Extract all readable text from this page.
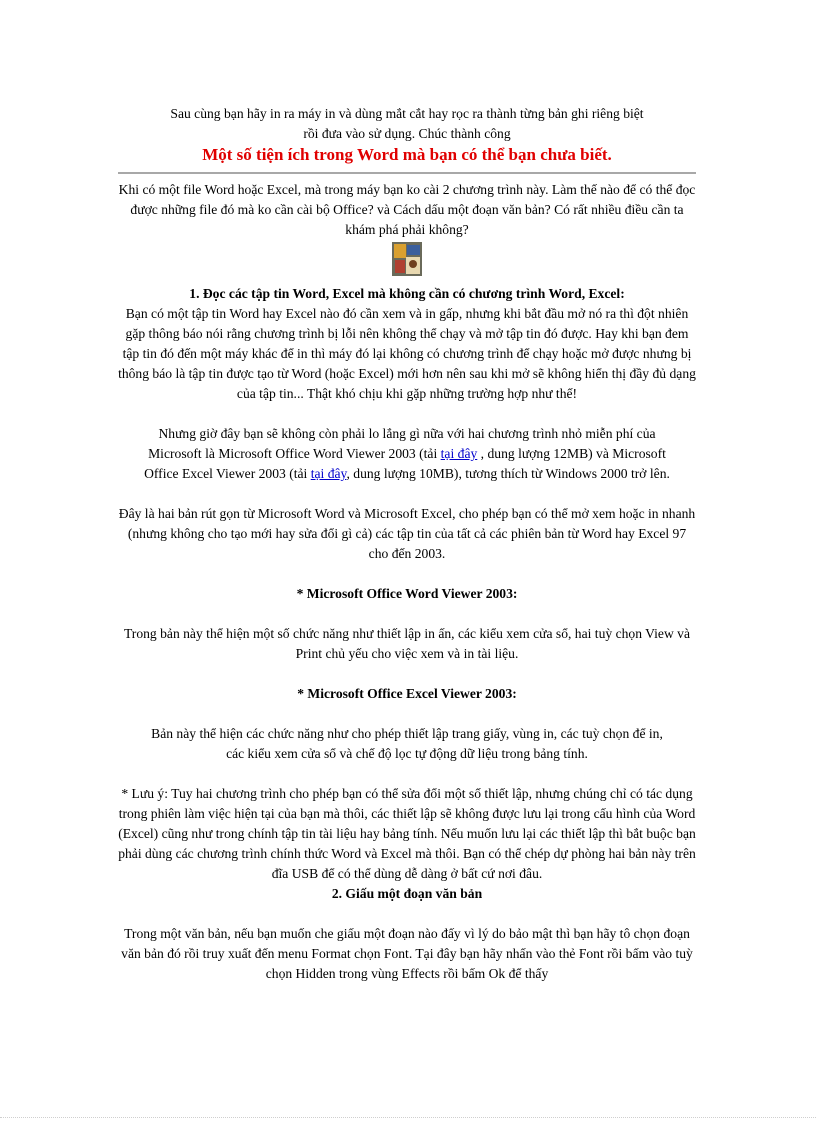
Sau cùng bạn hãy in ra máy in và dùng mắt cắt hay rọc ra thành từng bản ghi riêng biệt

rồi đưa vào sử dụng. Chúc thành công

Một số tiện ích trong Word mà bạn có thể bạn chưa biết.

Khi có một file Word hoặc Excel, mà trong máy bạn ko cài 2 chương trình này. Làm thế nào để có thể đọc được những file đó mà ko cần cài bộ Office? và Cách dấu một đoạn văn bản? Có rất nhiều điều cần ta khám phá phải không?

1. Đọc các tập tin Word, Excel mà không cần có chương trình Word, Excel:

Bạn có một tập tin Word hay Excel nào đó cần xem và in gấp, nhưng khi bắt đầu mở nó ra thì đột nhiên gặp thông báo nói rằng chương trình bị lỗi nên không thể chạy và mở tập tin đó được. Hay khi bạn đem tập tin đó đến một máy khác để in thì máy đó lại không có chương trình để chạy hoặc mở được nhưng bị thông báo là tập tin được tạo từ Word (hoặc Excel) mới hơn nên sau khi mở sẽ không hiển thị đầy đủ dạng của tập tin... Thật khó chịu khi gặp những trường hợp như thế!

Nhưng giờ đây bạn sẽ không còn phải lo lắng gì nữa với hai chương trình nhỏ miễn phí của Microsoft là Microsoft Office Word Viewer 2003 (tải tại đây , dung lượng 12MB) và Microsoft Office Excel Viewer 2003 (tải tại đây, dung lượng 10MB), tương thích từ Windows 2000 trở lên.

Đây là hai bản rút gọn từ Microsoft Word và Microsoft Excel, cho phép bạn có thể mở xem hoặc in nhanh (nhưng không cho tạo mới hay sửa đổi gì cả) các tập tin của tất cả các phiên bản từ Word hay Excel 97 cho đến 2003.

* Microsoft Office Word Viewer 2003:

Trong bản này thể hiện một số chức năng như thiết lập in ấn, các kiểu xem cửa sổ, hai tuỳ chọn View và Print chủ yếu cho việc xem và in tài liệu.

* Microsoft Office Excel Viewer 2003:

Bản này thể hiện các chức năng như cho phép thiết lập trang giấy, vùng in, các tuỳ chọn để in, các kiểu xem cửa sổ và chế độ lọc tự động dữ liệu trong bảng tính.

* Lưu ý: Tuy hai chương trình cho phép bạn có thể sửa đổi một số thiết lập, nhưng chúng chỉ có tác dụng trong phiên làm việc hiện tại của bạn mà thôi, các thiết lập sẽ không được lưu lại trong cấu hình của Word (Excel) cũng như trong chính tập tin tài liệu hay bảng tính. Nếu muốn lưu lại các thiết lập thì bắt buộc bạn phải dùng các chương trình chính thức Word và Excel mà thôi. Bạn có thể chép dự phòng hai bản này trên đĩa USB để có thể dùng dễ dàng ở bất cứ nơi đâu.

2. Giấu một đoạn văn bản

Trong một văn bản, nếu bạn muốn che giấu một đoạn nào đấy vì lý do bảo mật thì bạn hãy tô chọn đoạn văn bản đó rồi truy xuất đến menu Format chọn Font. Tại đây bạn hãy nhấn vào thẻ Font rồi bấm vào tuỳ chọn Hidden trong vùng Effects rồi bấm Ok để thấy
